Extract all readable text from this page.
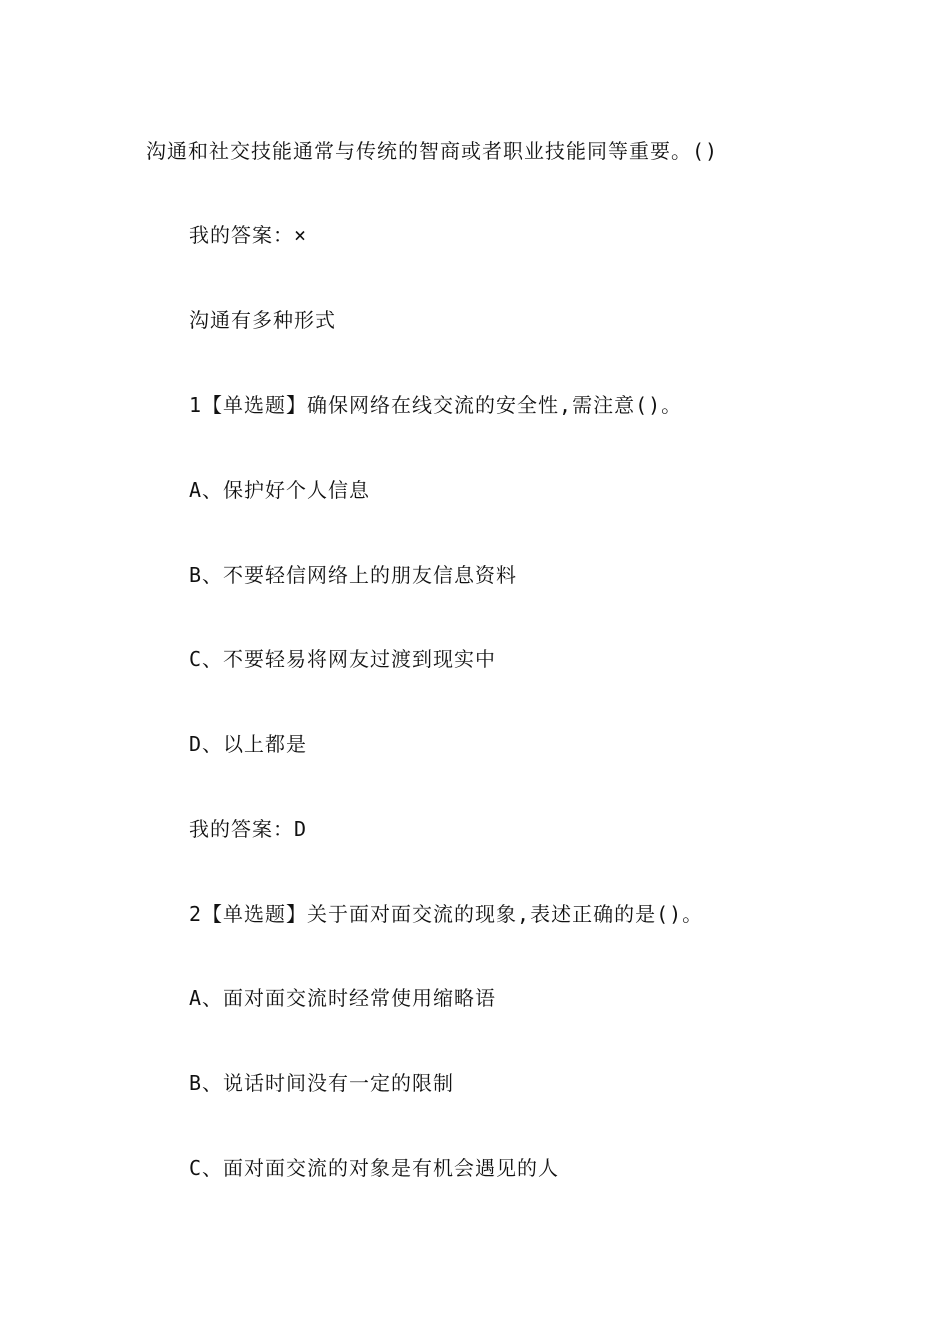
沟通和社交技能通常与传统的智商或者职业技能同等重要。()
我的答案：×
沟通有多种形式
1【单选题】确保网络在线交流的安全性,需注意()。
A、保护好个人信息
B、不要轻信网络上的朋友信息资料
C、不要轻易将网友过渡到现实中
D、以上都是
我的答案：D
2【单选题】关于面对面交流的现象,表述正确的是()。
A、面对面交流时经常使用缩略语
B、说话时间没有一定的限制
C、面对面交流的对象是有机会遇见的人
